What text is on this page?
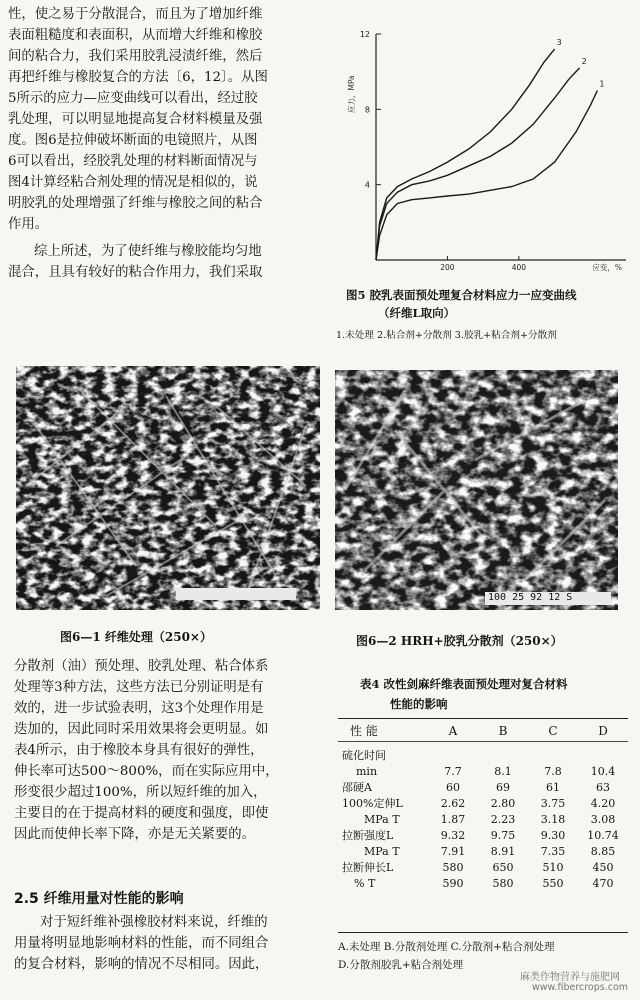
性，使之易于分散混合，而且为了增加纤维
表面粗糙度和表面积，从而增大纤维和橡胶
间的粘合力，我们采用胶乳浸渍纤维，然后
再把纤维与橡胶复合的方法〔6，12〕。从图
5所示的应力—应变曲线可以看出，经过胶
乳处理，可以明显地提高复合材料模量及强
度。图6是拉伸破坏断面的电镜照片，从图
6可以看出，经胶乳处理的材料断面情况与
图4计算经粘合剂处理的情况是相似的，说
明胶乳的处理增强了纤维与橡胶之间的粘合
作用。
综上所述，为了使纤维与橡胶能均匀地
混合，且具有较好的粘合作用力，我们采取
4
8
12
200	400
应力，MPa
应变，%
1
2
3
图5 胶乳表面预处理复合材料应力一应变曲线
（纤维L取向）
1.未处理 2.粘合剂+分散剂 3.胶乳+粘合剂+分散剂
100 25 92 12 S
图6—1 纤维处理（250×）	图6—2 HRH+胶乳分散剂（250×）
分散剂（油）预处理、胶乳处理、粘合体系
处理等3种方法，这些方法已分别证明是有
效的，进一步试验表明，这3个处理作用是
迭加的，因此同时采用效果将会更明显。如
表4所示，由于橡胶本身具有很好的弹性，
伸长率可达500～800%，而在实际应用中，
形变很少超过100%，所以短纤维的加入，
主要目的在于提高材料的硬度和强度，即使
因此而使伸长率下降，亦是无关紧要的。
2.5 纤维用量对性能的影响
对于短纤维补强橡胶材料来说，纤维的
用量将明显地影响材料的性能，而不同组合
的复合材料，影响的情况不尽相同。因此，
表4 改性剑麻纤维表面预处理对复合材料
性能的影响
性 能	A	B	C	D

硫化时间				
min	7.7	8.1	7.8	10.4
邵硬A	60	69	61	63
100%定伸L	2.62	2.80	3.75	4.20
MPa T	1.87	2.23	3.18	3.08
拉断强度L	9.32	9.75	9.30	10.74
MPa T	7.91	8.91	7.35	8.85
拉断伸长L	580	650	510	450
% T	590	580	550	470
A.未处理 B.分散剂处理 C.分散剂+粘合剂处理
D.分散剂胶乳+粘合剂处理
麻类作物营养与施肥网
www.fibercrops.com
